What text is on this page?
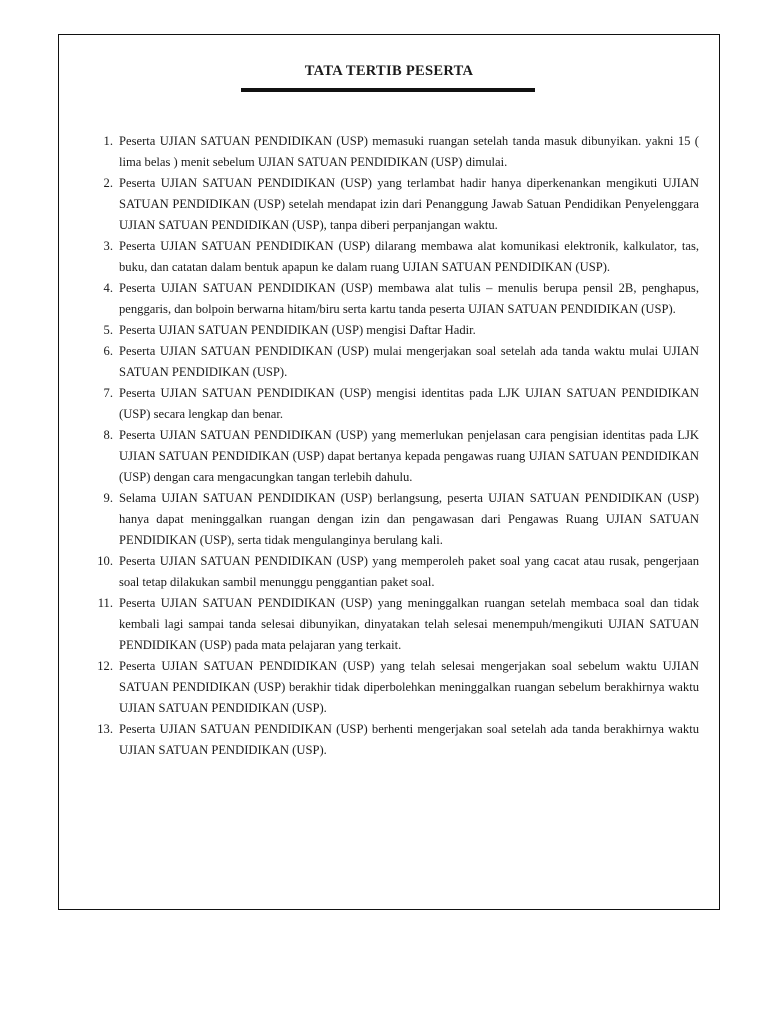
TATA TERTIB PESERTA
1. Peserta UJIAN SATUAN PENDIDIKAN (USP) memasuki ruangan setelah tanda masuk dibunyikan. yakni 15 ( lima belas ) menit sebelum UJIAN SATUAN PENDIDIKAN (USP) dimulai.
2. Peserta UJIAN SATUAN PENDIDIKAN (USP) yang terlambat hadir hanya diperkenankan mengikuti UJIAN SATUAN PENDIDIKAN (USP) setelah mendapat izin dari Penanggung Jawab Satuan Pendidikan Penyelenggara UJIAN SATUAN PENDIDIKAN (USP), tanpa diberi perpanjangan waktu.
3. Peserta UJIAN SATUAN PENDIDIKAN (USP) dilarang membawa alat komunikasi elektronik, kalkulator, tas, buku, dan catatan dalam bentuk apapun ke dalam ruang UJIAN SATUAN PENDIDIKAN (USP).
4. Peserta UJIAN SATUAN PENDIDIKAN (USP) membawa alat tulis – menulis berupa pensil 2B, penghapus, penggaris, dan bolpoin berwarna hitam/biru serta kartu tanda peserta UJIAN SATUAN PENDIDIKAN (USP).
5. Peserta UJIAN SATUAN PENDIDIKAN (USP) mengisi Daftar Hadir.
6. Peserta UJIAN SATUAN PENDIDIKAN (USP) mulai mengerjakan soal setelah ada tanda waktu mulai UJIAN SATUAN PENDIDIKAN (USP).
7. Peserta UJIAN SATUAN PENDIDIKAN (USP) mengisi identitas pada LJK UJIAN SATUAN PENDIDIKAN (USP) secara lengkap dan benar.
8. Peserta UJIAN SATUAN PENDIDIKAN (USP) yang memerlukan penjelasan cara pengisian identitas pada LJK UJIAN SATUAN PENDIDIKAN (USP) dapat bertanya kepada pengawas ruang UJIAN SATUAN PENDIDIKAN (USP) dengan cara mengacungkan tangan terlebih dahulu.
9. Selama UJIAN SATUAN PENDIDIKAN (USP) berlangsung, peserta UJIAN SATUAN PENDIDIKAN (USP) hanya dapat meninggalkan ruangan dengan izin dan pengawasan dari Pengawas Ruang UJIAN SATUAN PENDIDIKAN (USP), serta tidak mengulanginya berulang kali.
10. Peserta UJIAN SATUAN PENDIDIKAN (USP) yang memperoleh paket soal yang cacat atau rusak, pengerjaan soal tetap dilakukan sambil menunggu penggantian paket soal.
11. Peserta UJIAN SATUAN PENDIDIKAN (USP) yang meninggalkan ruangan setelah membaca soal dan tidak kembali lagi sampai tanda selesai dibunyikan, dinyatakan telah selesai menempuh/mengikuti UJIAN SATUAN PENDIDIKAN (USP) pada mata pelajaran yang terkait.
12. Peserta UJIAN SATUAN PENDIDIKAN (USP) yang telah selesai mengerjakan soal sebelum waktu UJIAN SATUAN PENDIDIKAN (USP) berakhir tidak diperbolehkan meninggalkan ruangan sebelum berakhirnya waktu UJIAN SATUAN PENDIDIKAN (USP).
13. Peserta UJIAN SATUAN PENDIDIKAN (USP) berhenti mengerjakan soal setelah ada tanda berakhirnya waktu UJIAN SATUAN PENDIDIKAN (USP).
